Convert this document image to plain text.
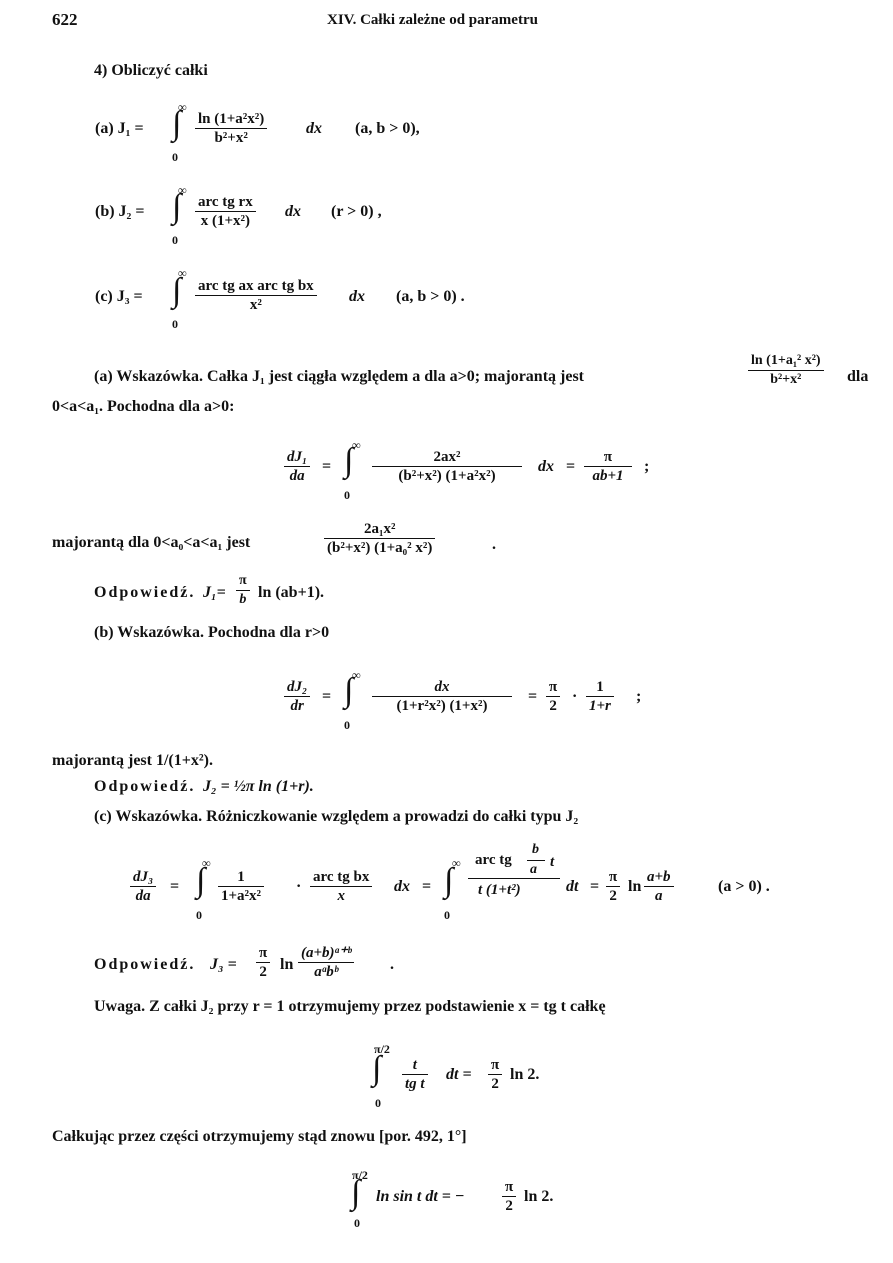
622	XIV. Całki zależne od parametru
4) Obliczyć całki
(a) J₁ =
∞
∫
0
$\frac{\text{ln (1+a²x²)}}{\text{b²+x²}}$ dx (a, b > 0),
(b) J₂ =
∞
∫
0
$\frac{\text{arc tg rx}}{\text{x (1+x²)}}$ dx (r > 0) ,
(c) J₃ =
∞
∫
0
$\frac{\text{arc tg ax arc tg bx}}{\text{x²}}$ dx (a, b > 0) .
(a) Wskazówka. Całka J₁ jest ciągła względem a dla a>0; majorantą jest	$\frac{\text{ln (1+a₁² x²)}}{\text{b²+x²}}$ dla
0<a<a₁. Pochodna dla a>0:
$\frac{\text{dJ₁}}{da}$ =
∞
∫
0
$\frac{\text{2ax²}}{\text{(b²+x²) (1+a²x²)}}$ dx = $\frac{\pi}{ab+1}$ ;
majorantą dla 0<a₀<a<a₁ jest	$\frac{\text{2a₁x²}}{\text{(b²+x²) (1+a₀² x²)}}$	.
Odpowiedź. $J_1= \frac{\pi}{b}$ ln (ab+1).
(b) Wskazówka. Pochodna dla r>0
$\frac{\text{dJ₂}}{dr}$ =
∞
∫
0
$\frac{dx}{\text{(1+r²x²) (1+x²)}} = \frac{\pi}{2} \cdot \frac{1}{1+r}$ ;
majorantą jest 1/(1+x²).
Odpowiedź. J₂ = ½π ln (1+r).
(c) Wskazówka. Różniczkowanie względem a prowadzi do całki typu J₂
$\frac{\text{dJ₃}}{da}$ =
∞
∫
0
$\frac{1}{\text{1+a²x²}} \cdot \frac{\text{arc tg bx}}{x}$ dx =
∞
∫
0
arc tg
b
a t
t (1+t²)	dt = $\frac{\pi}{2}$ $\ln \frac{a+b}{a}$	(a > 0) .
Odpowiedź. $J_3 = \frac{\pi}{2}$ $\ln \frac{\text{(a+b)ᵃ⁺ᵇ}}{\text{aᵃbᵇ}}$ .
Uwaga. Z całki J₂ przy r = 1 otrzymujemy przez podstawienie x = tg t całkę
π/2
∫
0
$\frac{t}{\text{tg t}}$ dt = $\frac{\pi}{2}$ ln 2.
Całkując przez części otrzymujemy stąd znowu [por. 492, 1°]
π/2
∫
0
ln sin t dt = − $\frac{\pi}{2}$ ln 2.
